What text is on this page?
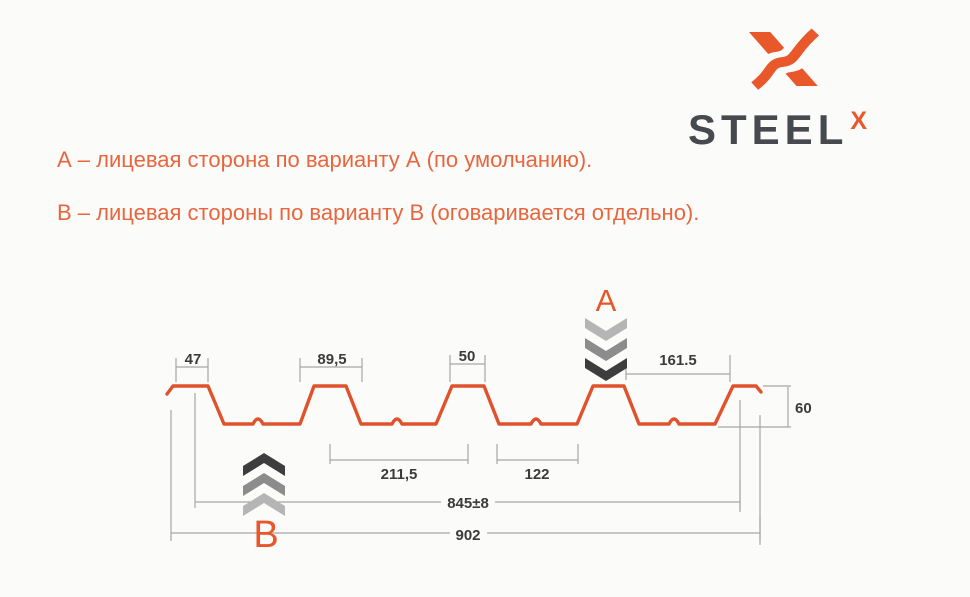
STEELX

А – лицевая сторона по варианту А (по умолчанию).

В – лицевая стороны по варианту В (оговаривается отдельно).

47	89,5	50	161.5
60
211,5	122
845±8
902
A
B
